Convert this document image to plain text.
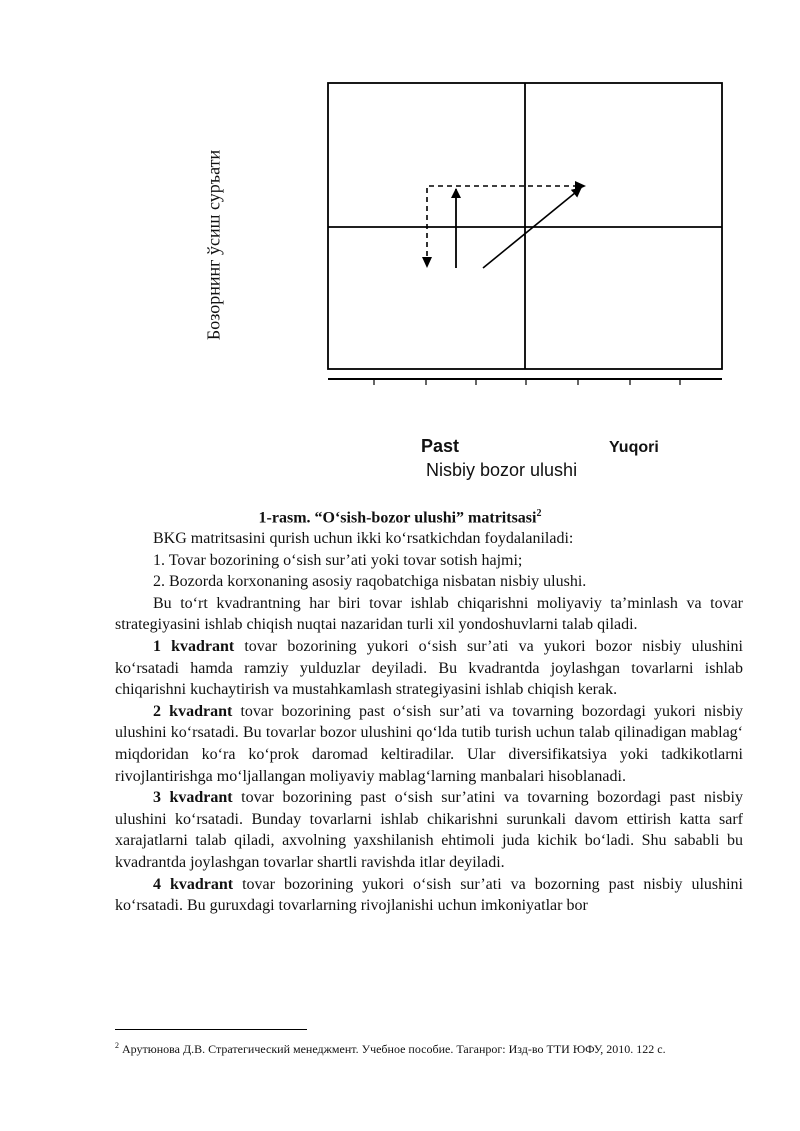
Бозорнинг ўсиш суръати
Past	Yuqori
Nisbiy bozor ulushi
1-rasm. “O‘sish-bozor ulushi” matritsasi$^2$

BKG matritsasini qurish uchun ikki ko‘rsatkichdan foydalaniladi:

1. Tovar bozorining o‘sish sur’ati yoki tovar sotish hajmi;

2. Bozorda korxonaning asosiy raqobatchiga nisbatan nisbiy ulushi.

Bu to‘rt kvadrantning har biri tovar ishlab chiqarishni moliyaviy ta’minlash va tovar strategiyasini ishlab chiqish nuqtai nazaridan turli xil yondoshuvlarni talab qiladi.

1 kvadrant tovar bozorining yukori o‘sish sur’ati va yukori bozor nisbiy ulushini ko‘rsatadi hamda ramziy yulduzlar deyiladi. Bu kvadrantda joylashgan tovarlarni ishlab chiqarishni kuchaytirish va mustahkamlash strategiyasini ishlab chiqish kerak.

2 kvadrant tovar bozorining past o‘sish sur’ati va tovarning bozordagi yukori nisbiy ulushini ko‘rsatadi. Bu tovarlar bozor ulushini qo‘lda tutib turish uchun talab qilinadigan mablag‘ miqdoridan ko‘ra ko‘prok daromad keltiradilar. Ular diversifikatsiya yoki tadkikotlarni rivojlantirishga mo‘ljallangan moliyaviy mablag‘larning manbalari hisoblanadi.

3 kvadrant tovar bozorining past o‘sish sur’atini va tovarning bozordagi past nisbiy ulushini ko‘rsatadi. Bunday tovarlarni ishlab chikarishni surunkali davom ettirish katta sarf xarajatlarni talab qiladi, axvolning yaxshilanish ehtimoli juda kichik bo‘ladi. Shu sababli bu kvadrantda joylashgan tovarlar shartli ravishda itlar deyiladi.

4 kvadrant tovar bozorining yukori o‘sish sur’ati va bozorning past nisbiy ulushini ko‘rsatadi. Bu guruxdagi tovarlarning rivojlanishi uchun imkoniyatlar bor

$^2$ Арутюнова Д.В. Стратегический менеджмент. Учебное пособие. Таганрог: Изд-во ТТИ ЮФУ, 2010. 122 с.
